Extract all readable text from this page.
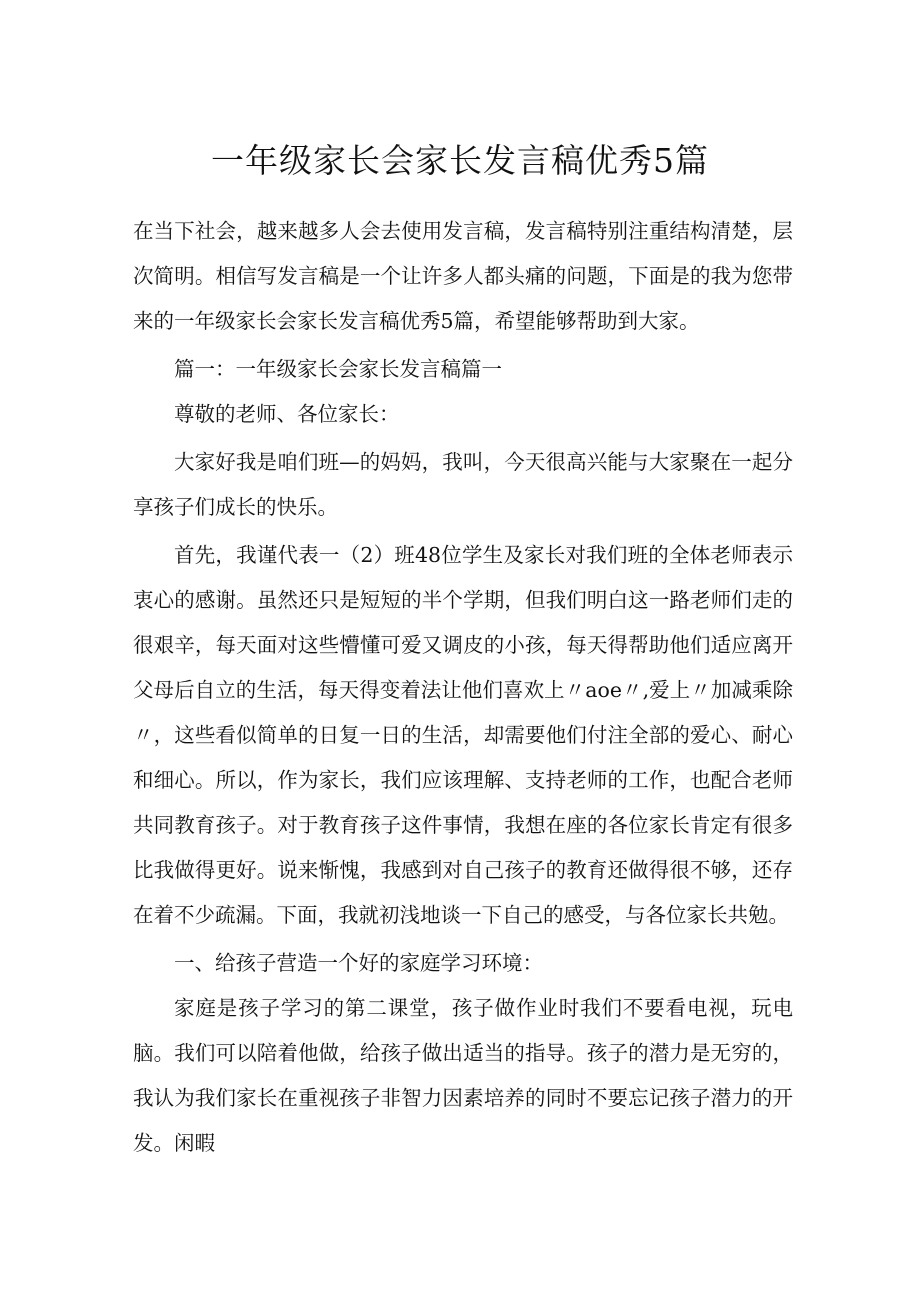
一年级家长会家长发言稿优秀5篇

在当下社会，越来越多人会去使用发言稿，发言稿特别注重结构清楚，层次简明。相信写发言稿是一个让许多人都头痛的问题，下面是的我为您带来的一年级家长会家长发言稿优秀5篇，希望能够帮助到大家。

篇一：一年级家长会家长发言稿篇一

尊敬的老师、各位家长：

大家好我是咱们班—的妈妈，我叫，今天很高兴能与大家聚在一起分享孩子们成长的快乐。

首先，我谨代表一（2）班48位学生及家长对我们班的全体老师表示衷心的感谢。虽然还只是短短的半个学期，但我们明白这一路老师们走的很艰辛，每天面对这些懵懂可爱又调皮的小孩，每天得帮助他们适应离开父母后自立的生活，每天得变着法让他们喜欢上〃aoe〃,爱上〃加减乘除〃，这些看似简单的日复一日的生活，却需要他们付注全部的爱心、耐心和细心。所以，作为家长，我们应该理解、支持老师的工作，也配合老师共同教育孩子。对于教育孩子这件事情，我想在座的各位家长肯定有很多比我做得更好。说来惭愧，我感到对自己孩子的教育还做得很不够，还存在着不少疏漏。下面，我就初浅地谈一下自己的感受，与各位家长共勉。

一、给孩子营造一个好的家庭学习环境：

家庭是孩子学习的第二课堂，孩子做作业时我们不要看电视，玩电脑。我们可以陪着他做，给孩子做出适当的指导。孩子的潜力是无穷的，我认为我们家长在重视孩子非智力因素培养的同时不要忘记孩子潜力的开发。闲暇
